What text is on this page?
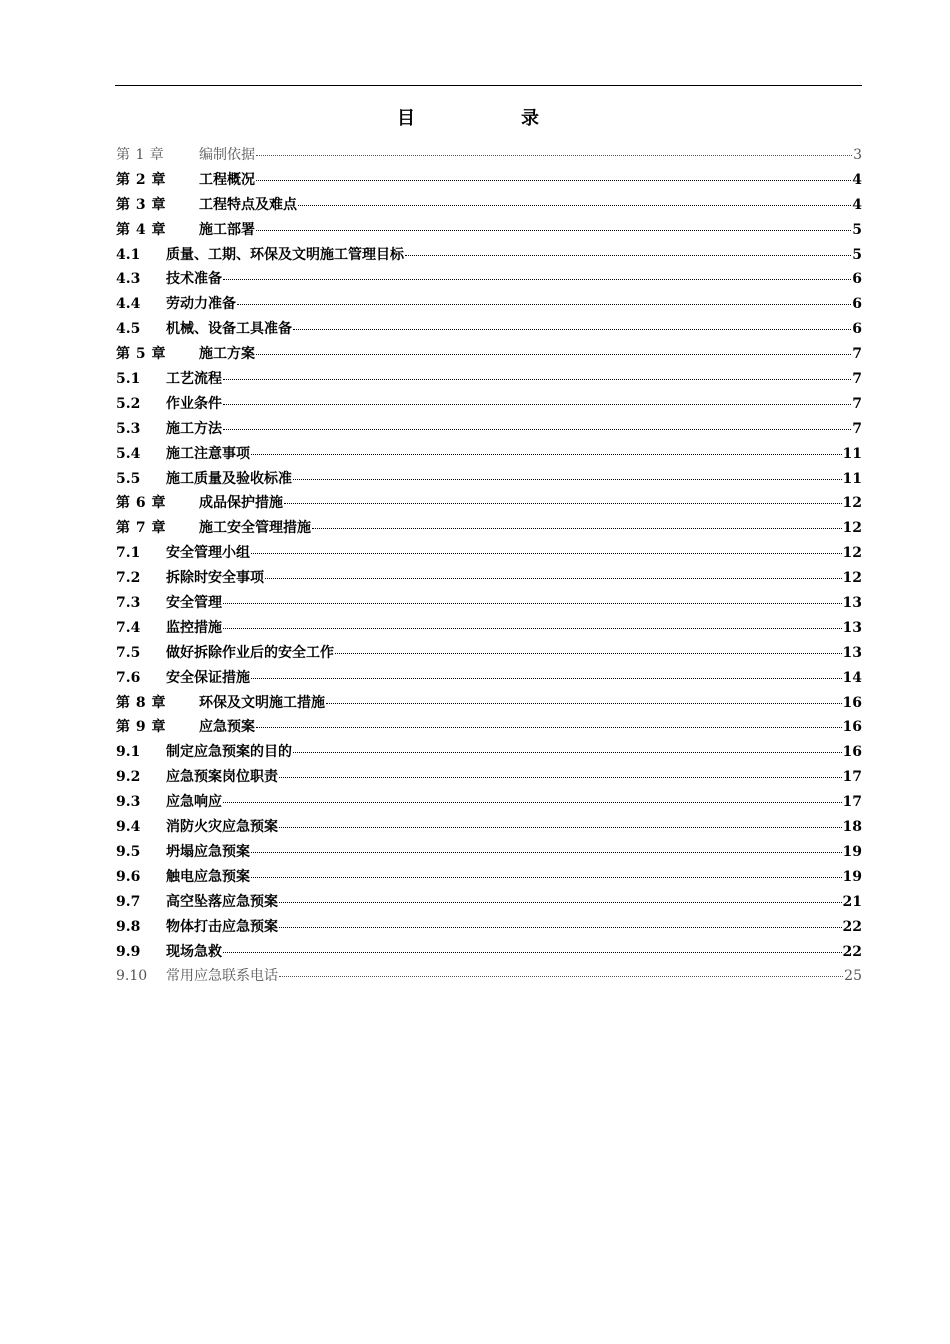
目　录
第 1 章	编制依据	3
第 2 章	工程概况	4
第 3 章	工程特点及难点	4
第 4 章	施工部署	5
4.1	质量、工期、环保及文明施工管理目标	5
4.3	技术准备	6
4.4	劳动力准备	6
4.5	机械、设备工具准备	6
第 5 章	施工方案	7
5.1	工艺流程	7
5.2	作业条件	7
5.3	施工方法	7
5.4	施工注意事项	11
5.5	施工质量及验收标准	11
第 6 章	成品保护措施	12
第 7 章	施工安全管理措施	12
7.1	安全管理小组	12
7.2	拆除时安全事项	12
7.3	安全管理	13
7.4	监控措施	13
7.5	做好拆除作业后的安全工作	13
7.6	安全保证措施	14
第 8 章	环保及文明施工措施	16
第 9 章	应急预案	16
9.1	制定应急预案的目的	16
9.2	应急预案岗位职责	17
9.3	应急响应	17
9.4	消防火灾应急预案	18
9.5	坍塌应急预案	19
9.6	触电应急预案	19
9.7	高空坠落应急预案	21
9.8	物体打击应急预案	22
9.9	现场急救	22
9.10	常用应急联系电话	25
